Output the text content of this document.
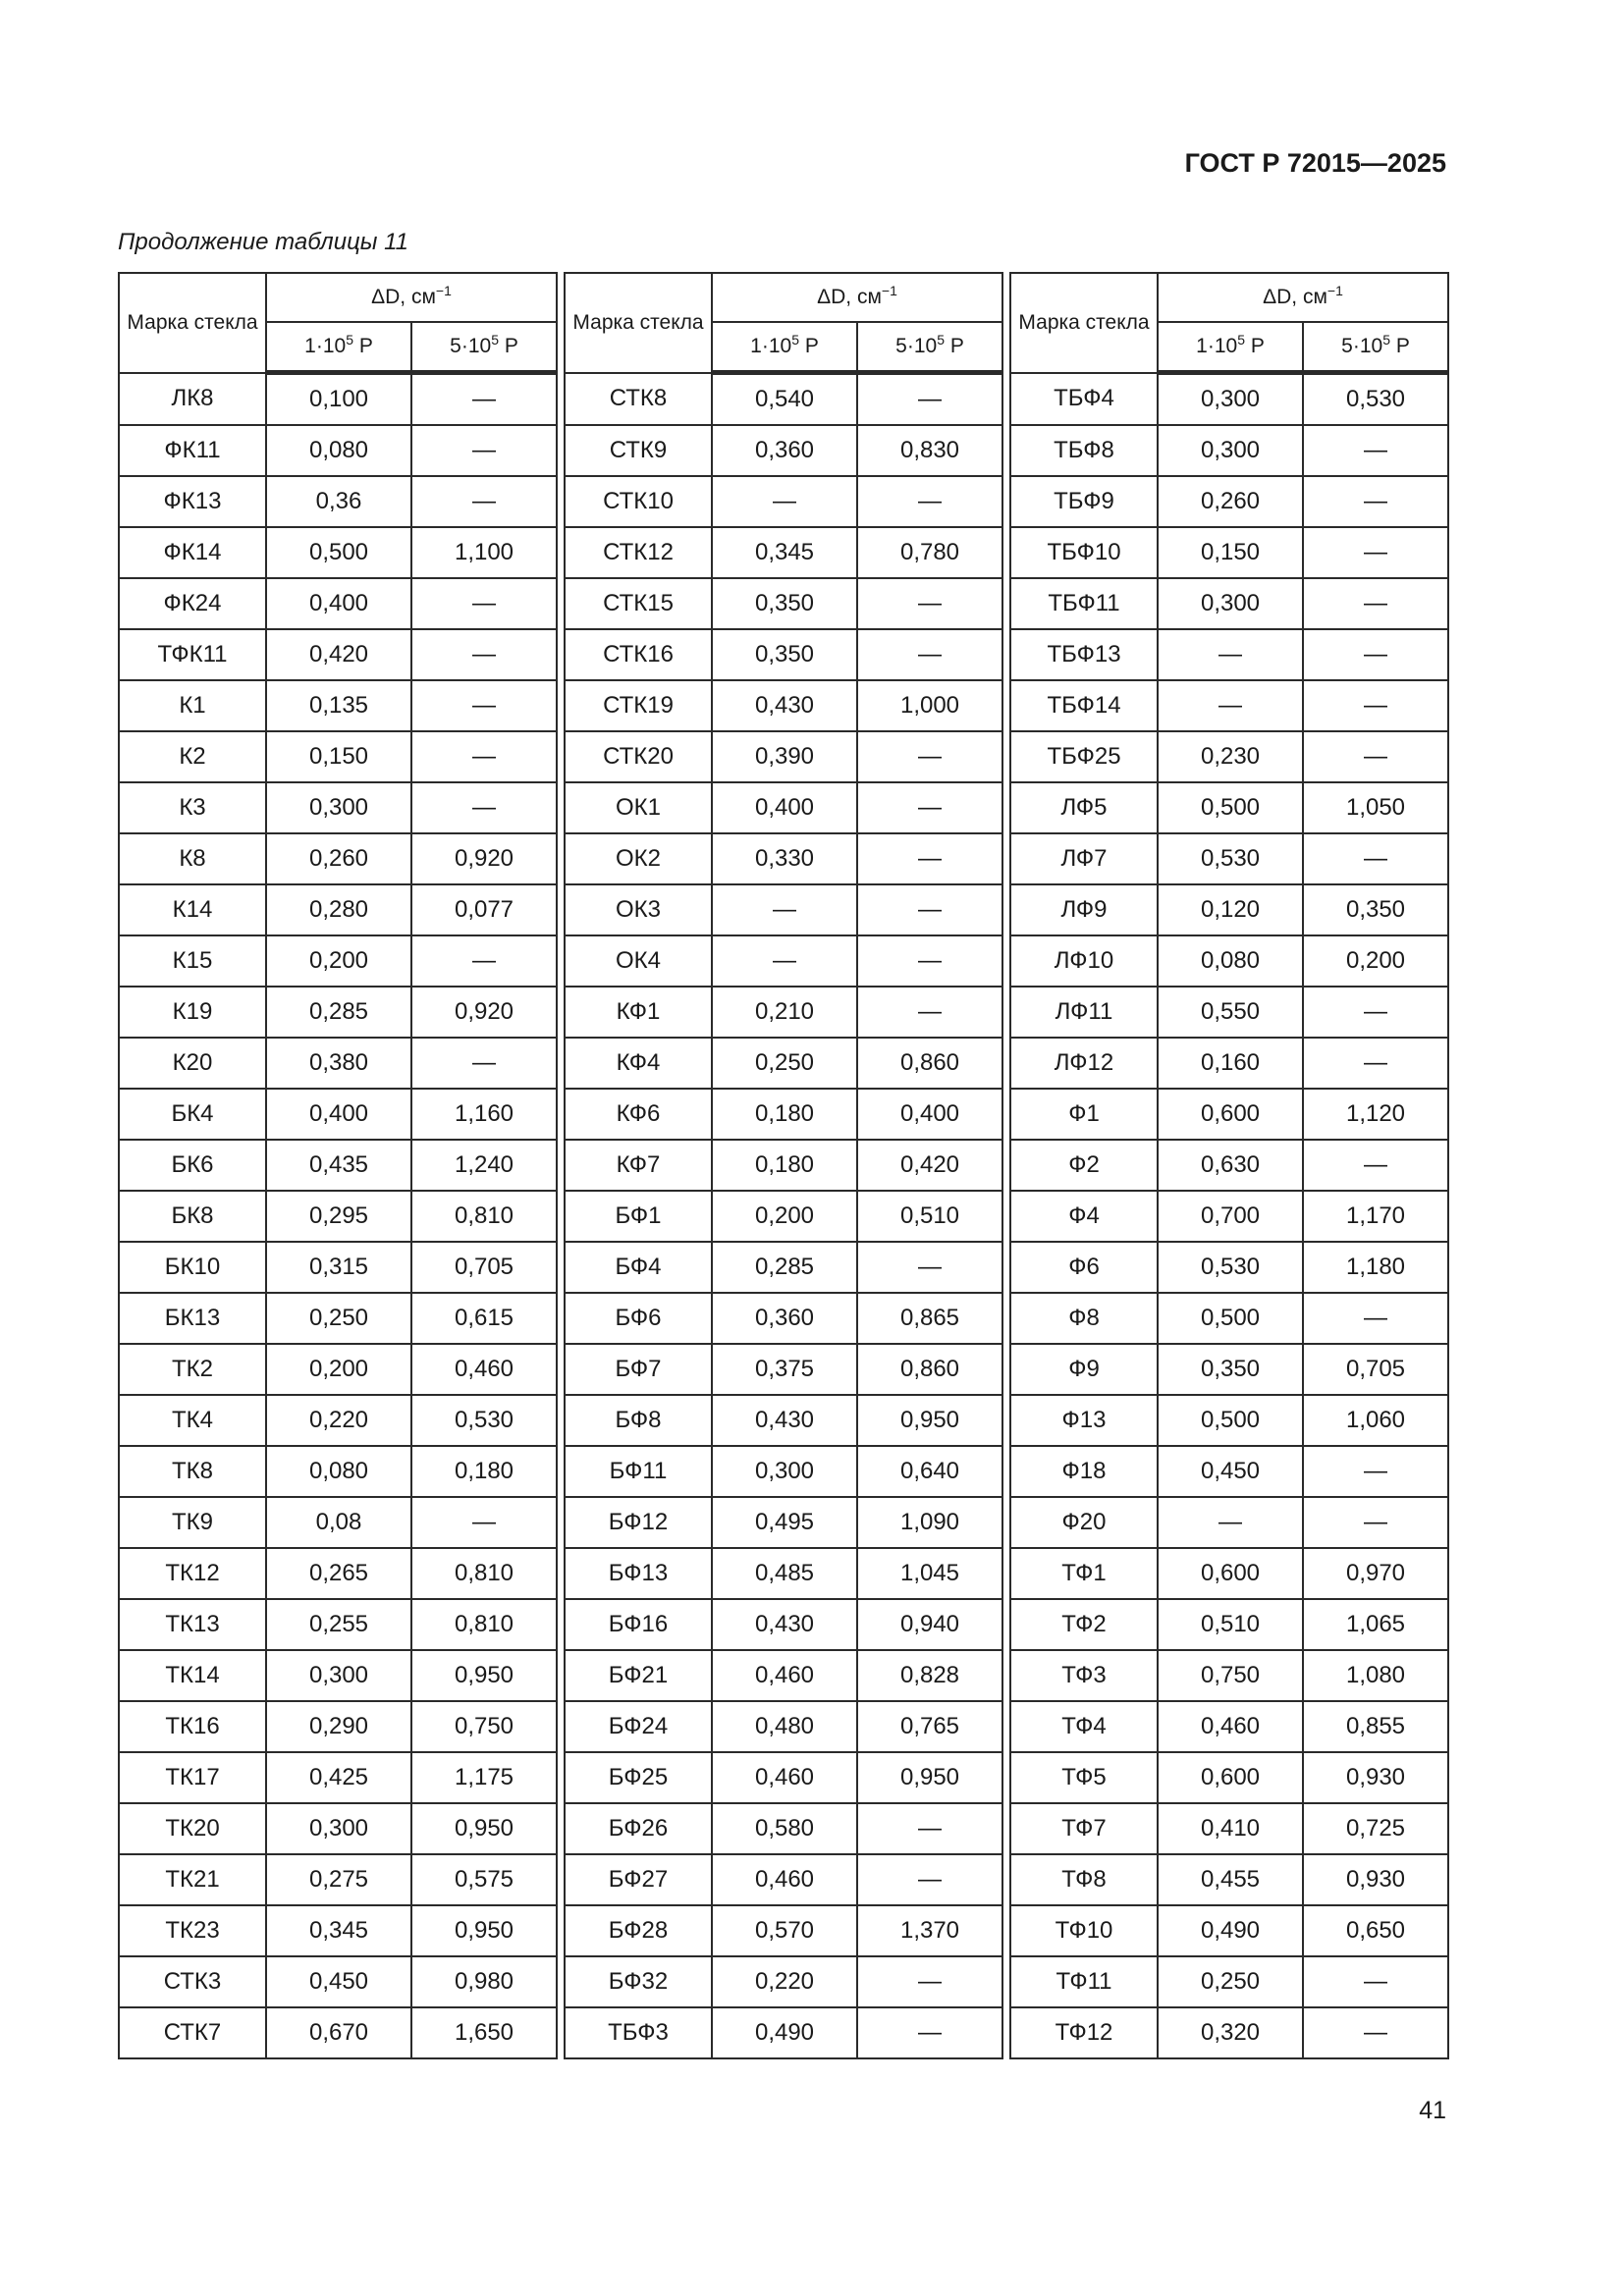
ГОСТ Р 72015—2025
Продолжение таблицы 11
Марка стекла	ΔD, $см^{-1}$
	$1\cdot 10^5$ Р	$5\cdot 10^5$ Р
ЛК8	0,100	—
ФК11	0,080	—
ФК13	0,36	—
ФК14	0,500	1,100
ФК24	0,400	—
ТФК11	0,420	—
К1	0,135	—
К2	0,150	—
К3	0,300	—
К8	0,260	0,920
К14	0,280	0,077
К15	0,200	—
К19	0,285	0,920
К20	0,380	—
БК4	0,400	1,160
БК6	0,435	1,240
БК8	0,295	0,810
БК10	0,315	0,705
БК13	0,250	0,615
ТК2	0,200	0,460
ТК4	0,220	0,530
ТК8	0,080	0,180
ТК9	0,08	—
ТК12	0,265	0,810
ТК13	0,255	0,810
ТК14	0,300	0,950
ТК16	0,290	0,750
ТК17	0,425	1,175
ТК20	0,300	0,950
ТК21	0,275	0,575
ТК23	0,345	0,950
СТК3	0,450	0,980
СТК7	0,670	1,650
Марка стекла	ΔD, $см^{-1}$
	$1\cdot 10^5$ Р	$5\cdot 10^5$ Р
СТК8	0,540	—
СТК9	0,360	0,830
СТК10	—	—
СТК12	0,345	0,780
СТК15	0,350	—
СТК16	0,350	—
СТК19	0,430	1,000
СТК20	0,390	—
ОК1	0,400	—
ОК2	0,330	—
ОК3	—	—
ОК4	—	—
КФ1	0,210	—
КФ4	0,250	0,860
КФ6	0,180	0,400
КФ7	0,180	0,420
БФ1	0,200	0,510
БФ4	0,285	—
БФ6	0,360	0,865
БФ7	0,375	0,860
БФ8	0,430	0,950
БФ11	0,300	0,640
БФ12	0,495	1,090
БФ13	0,485	1,045
БФ16	0,430	0,940
БФ21	0,460	0,828
БФ24	0,480	0,765
БФ25	0,460	0,950
БФ26	0,580	—
БФ27	0,460	—
БФ28	0,570	1,370
БФ32	0,220	—
ТБФ3	0,490	—
Марка стекла	ΔD, $см^{-1}$
	$1\cdot 10^5$ Р	$5\cdot 10^5$ Р
ТБФ4	0,300	0,530
ТБФ8	0,300	—
ТБФ9	0,260	—
ТБФ10	0,150	—
ТБФ11	0,300	—
ТБФ13	—	—
ТБФ14	—	—
ТБФ25	0,230	—
ЛФ5	0,500	1,050
ЛФ7	0,530	—
ЛФ9	0,120	0,350
ЛФ10	0,080	0,200
ЛФ11	0,550	—
ЛФ12	0,160	—
Ф1	0,600	1,120
Ф2	0,630	—
Ф4	0,700	1,170
Ф6	0,530	1,180
Ф8	0,500	—
Ф9	0,350	0,705
Ф13	0,500	1,060
Ф18	0,450	—
Ф20	—	—
ТФ1	0,600	0,970
ТФ2	0,510	1,065
ТФ3	0,750	1,080
ТФ4	0,460	0,855
ТФ5	0,600	0,930
ТФ7	0,410	0,725
ТФ8	0,455	0,930
ТФ10	0,490	0,650
ТФ11	0,250	—
ТФ12	0,320	—
41
